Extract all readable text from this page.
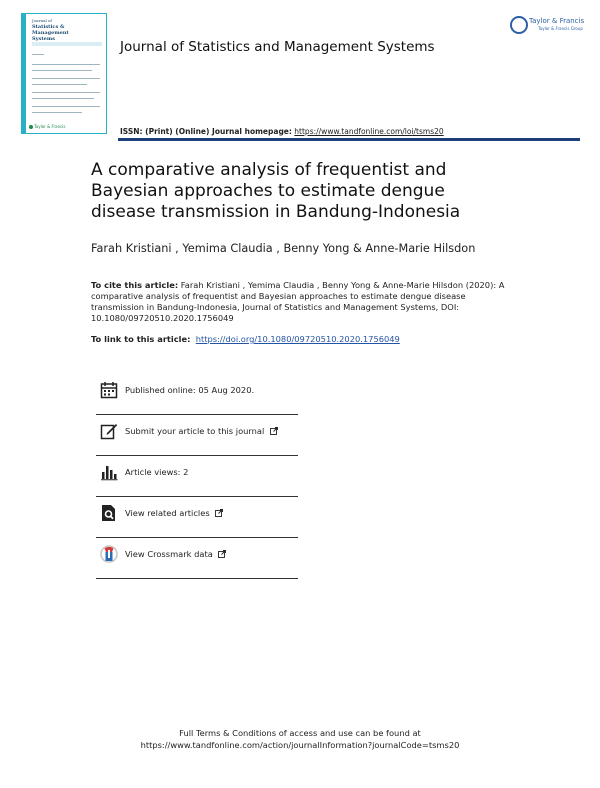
Journal of
Statistics &
Management Systems
Taylor & Francis
Journal of Statistics and Management Systems
Taylor & Francis
Taylor & Francis Group
ISSN: (Print) (Online) Journal homepage: https://www.tandfonline.com/loi/tsms20
A comparative analysis of frequentist and Bayesian approaches to estimate dengue disease transmission in Bandung-Indonesia
Farah Kristiani , Yemima Claudia , Benny Yong & Anne-Marie Hilsdon
To cite this article: Farah Kristiani , Yemima Claudia , Benny Yong & Anne-Marie Hilsdon (2020): A comparative analysis of frequentist and Bayesian approaches to estimate dengue disease transmission in Bandung-Indonesia, Journal of Statistics and Management Systems, DOI: 10.1080/09720510.2020.1756049
To link to this article: https://doi.org/10.1080/09720510.2020.1756049
Published online: 05 Aug 2020.
Submit your article to this journal
Article views: 2
View related articles
View Crossmark data
Full Terms & Conditions of access and use can be found at
https://www.tandfonline.com/action/journalInformation?journalCode=tsms20
